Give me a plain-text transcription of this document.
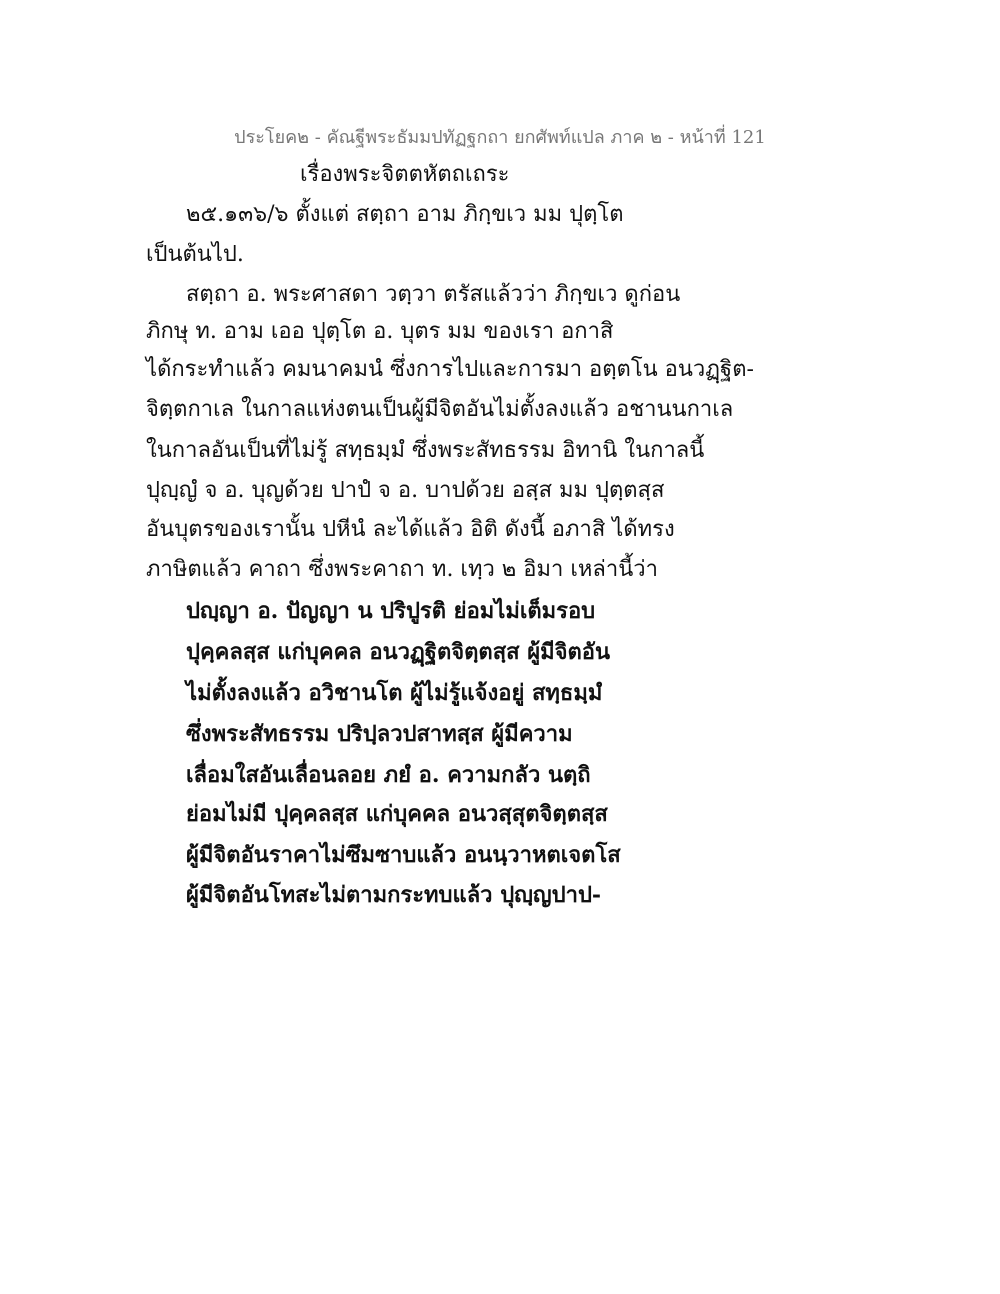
ประโยค๒ - คัณฐีพระธัมมปทัฏฐกถา ยกศัพท์แปล ภาค ๒ - หน้าที่ 121
เรื่องพระจิตตหัตถเถระ
๒๕.๑๓๖/๖ ตั้งแต่ สตฺถา อาม ภิกฺขเว มม ปุตฺโต
เป็นต้นไป.
สตฺถา อ. พระศาสดา วตฺวา ตรัสแล้วว่า ภิกฺขเว ดูก่อน
ภิกษุ ท. อาม เออ ปุตฺโต อ. บุตร มม ของเรา อกาสิ
ได้กระทำแล้ว คมนาคมนํ ซึ่งการไปและการมา อตฺตโน อนวฏฺฐิต-
จิตฺตกาเล ในกาลแห่งตนเป็นผู้มีจิตอันไม่ตั้งลงแล้ว อชานนกาเล
ในกาลอันเป็นที่ไม่รู้ สทฺธมฺมํ ซึ่งพระสัทธรรม อิทานิ ในกาลนี้
ปุญฺญํ จ อ. บุญด้วย ปาปํ จ อ. บาปด้วย อสฺส มม ปุตฺตสฺส
อันบุตรของเรานั้น ปหีนํ ละได้แล้ว อิติ ดังนี้ อภาสิ ได้ทรง
ภาษิตแล้ว คาถา ซึ่งพระคาถา ท. เทฺว ๒ อิมา เหล่านี้ว่า
ปญฺญา อ. ปัญญา น ปริปูรติ ย่อมไม่เต็มรอบ
ปุคฺคลสฺส แก่บุคคล อนวฏฺฐิตจิตฺตสฺส ผู้มีจิตอัน
ไม่ตั้งลงแล้ว อวิชานโต ผู้ไม่รู้แจ้งอยู่ สทฺธมฺมํ
ซึ่งพระสัทธรรม ปริปฺลวปสาทสฺส ผู้มีความ
เลื่อมใสอันเลื่อนลอย ภยํ อ. ความกลัว นตฺถิ
ย่อมไม่มี ปุคฺคลสฺส แก่บุคคล อนวสฺสุตจิตฺตสฺส
ผู้มีจิตอันราคาไม่ซึมซาบแล้ว อนนฺวาหตเจตโส
ผู้มีจิตอันโทสะไม่ตามกระทบแล้ว ปุญฺญปาป-
